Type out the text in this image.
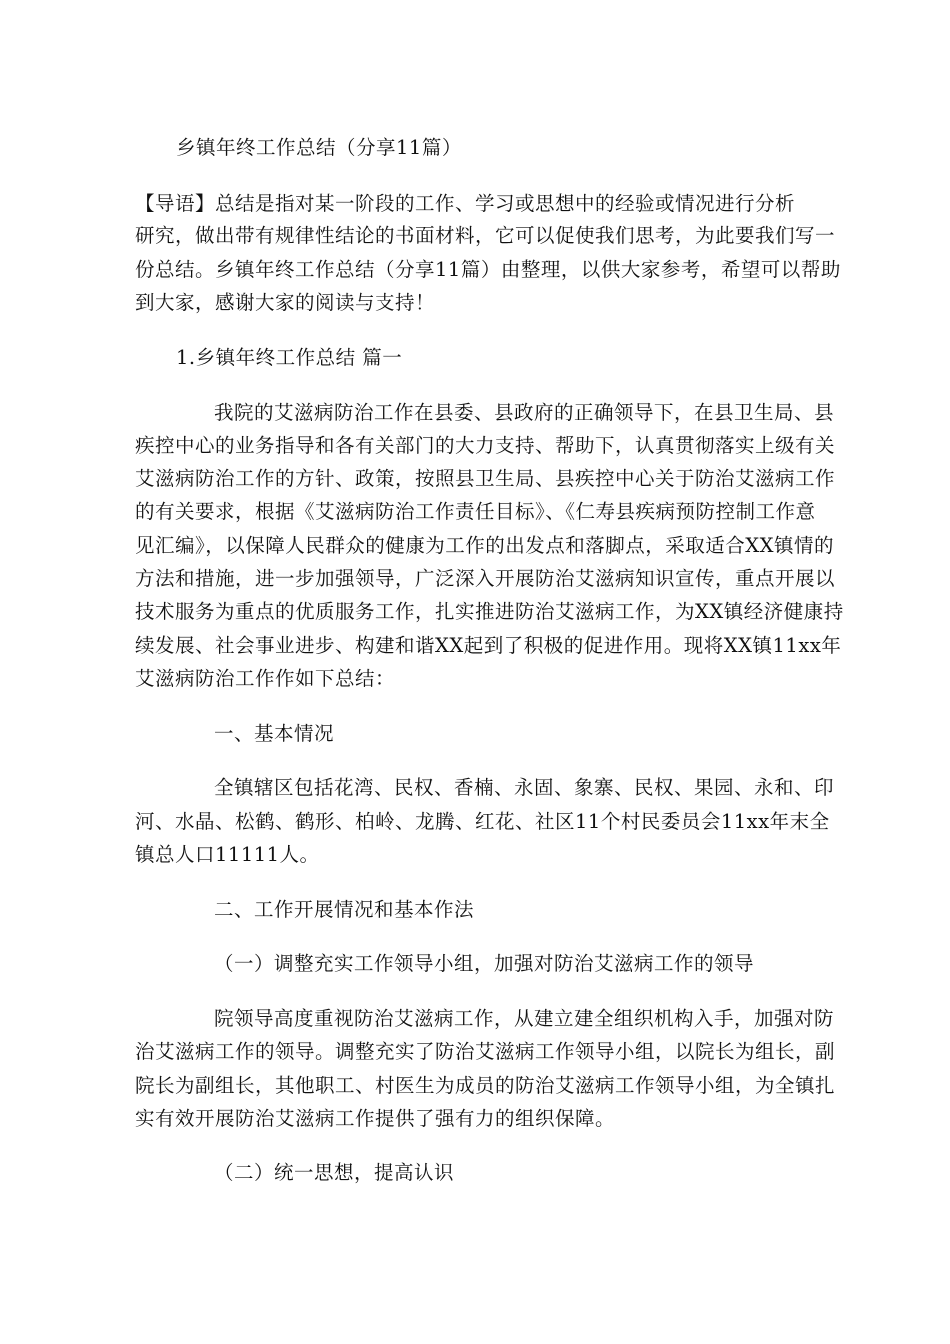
乡镇年终工作总结（分享11篇）

【导语】总结是指对某一阶段的工作、学习或思想中的经验或情况进行分析

研究，做出带有规律性结论的书面材料，它可以促使我们思考，为此要我们写一

份总结。乡镇年终工作总结（分享11篇）由整理，以供大家参考，希望可以帮助

到大家，感谢大家的阅读与支持！

1.乡镇年终工作总结 篇一

我院的艾滋病防治工作在县委、县政府的正确领导下，在县卫生局、县

疾控中心的业务指导和各有关部门的大力支持、帮助下，认真贯彻落实上级有关

艾滋病防治工作的方针、政策，按照县卫生局、县疾控中心关于防治艾滋病工作

的有关要求，根据《艾滋病防治工作责任目标》、《仁寿县疾病预防控制工作意

见汇编》，以保障人民群众的健康为工作的出发点和落脚点，采取适合XX镇情的

方法和措施，进一步加强领导，广泛深入开展防治艾滋病知识宣传，重点开展以

技术服务为重点的优质服务工作，扎实推进防治艾滋病工作，为XX镇经济健康持

续发展、社会事业进步、构建和谐XX起到了积极的促进作用。现将XX镇11xx年

艾滋病防治工作作如下总结：

一、基本情况

全镇辖区包括花湾、民权、香楠、永固、象寨、民权、果园、永和、印

河、水晶、松鹤、鹤形、柏岭、龙腾、红花、社区11个村民委员会11xx年末全

镇总人口11111人。

二、工作开展情况和基本作法

（一）调整充实工作领导小组，加强对防治艾滋病工作的领导

院领导高度重视防治艾滋病工作，从建立建全组织机构入手，加强对防

治艾滋病工作的领导。调整充实了防治艾滋病工作领导小组，以院长为组长，副

院长为副组长，其他职工、村医生为成员的防治艾滋病工作领导小组，为全镇扎

实有效开展防治艾滋病工作提供了强有力的组织保障。

（二）统一思想，提高认识
